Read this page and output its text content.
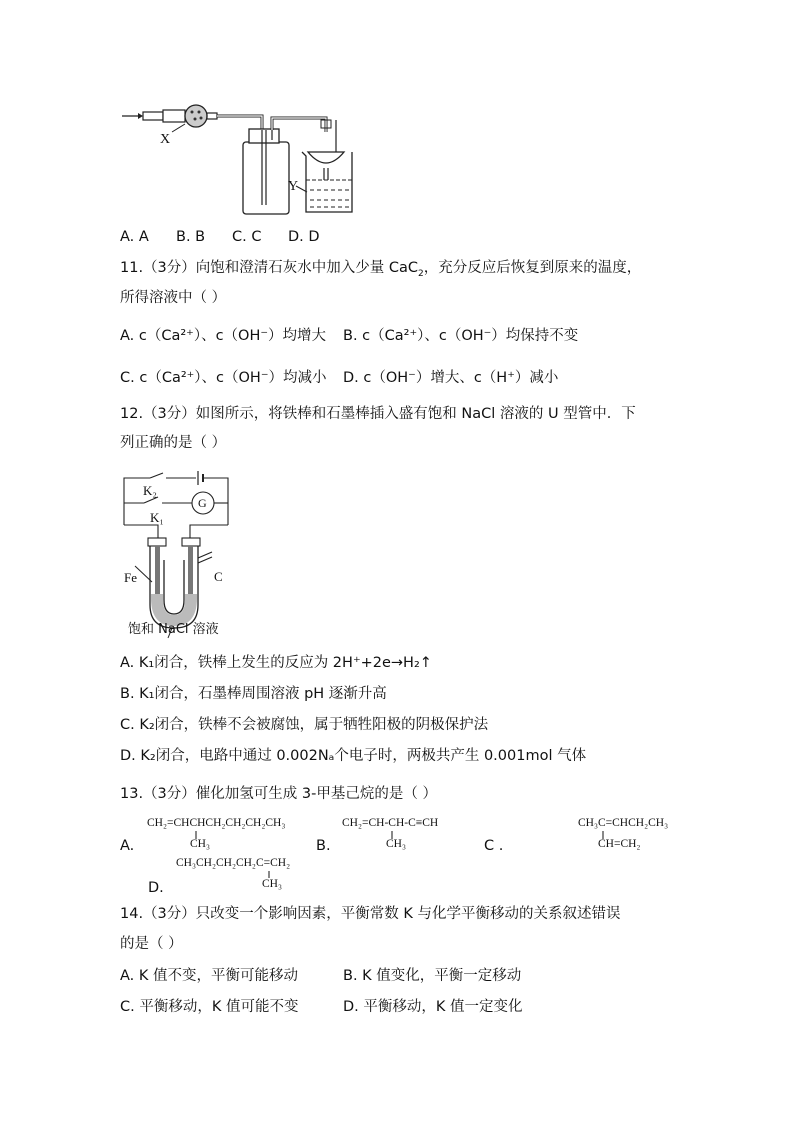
X
Y
A. A B. B C. C D. D
11.（3分）向饱和澄清石灰水中加入少量 CaC$_2$，充分反应后恢复到原来的温度，
所得溶液中（ ）
A. c（Ca²⁺）、c（OH⁻）均增大 B. c（Ca²⁺）、c（OH⁻）均保持不变
C. c（Ca²⁺）、c（OH⁻）均减小 D. c（OH⁻）增大、c（H⁺）减小
12.（3分）如图所示，将铁棒和石墨棒插入盛有饱和 NaCl 溶液的 U 型管中．下
列正确的是（ ）
K₂
G
K₁
Fe	C
饱和 NaCl 溶液
A. K₁闭合，铁棒上发生的反应为 2H⁺+2e→H₂↑
B. K₁闭合，石墨棒周围溶液 pH 逐渐升高
C. K₂闭合，铁棒不会被腐蚀，属于牺牲阳极的阴极保护法
D. K₂闭合，电路中通过 0.002Nₐ个电子时，两极共产生 0.001mol 气体
13.（3分）催化加氢可生成 3-甲基己烷的是（ ）
A.
CH₂=CHCHCH₂CH₂CH₂CH₃
CH₃	B.
CH₂=CH-CH-C≡CH
CH₃	C .
CH₃C=CHCH₂CH₃
CH=CH₂
CH₃CH₂CH₂CH₂C=CH₂
CH₃
D.
14.（3分）只改变一个影响因素，平衡常数 K 与化学平衡移动的关系叙述错误
的是（ ）
A. K 值不变，平衡可能移动	B. K 值变化，平衡一定移动
C. 平衡移动，K 值可能不变	D. 平衡移动，K 值一定变化
